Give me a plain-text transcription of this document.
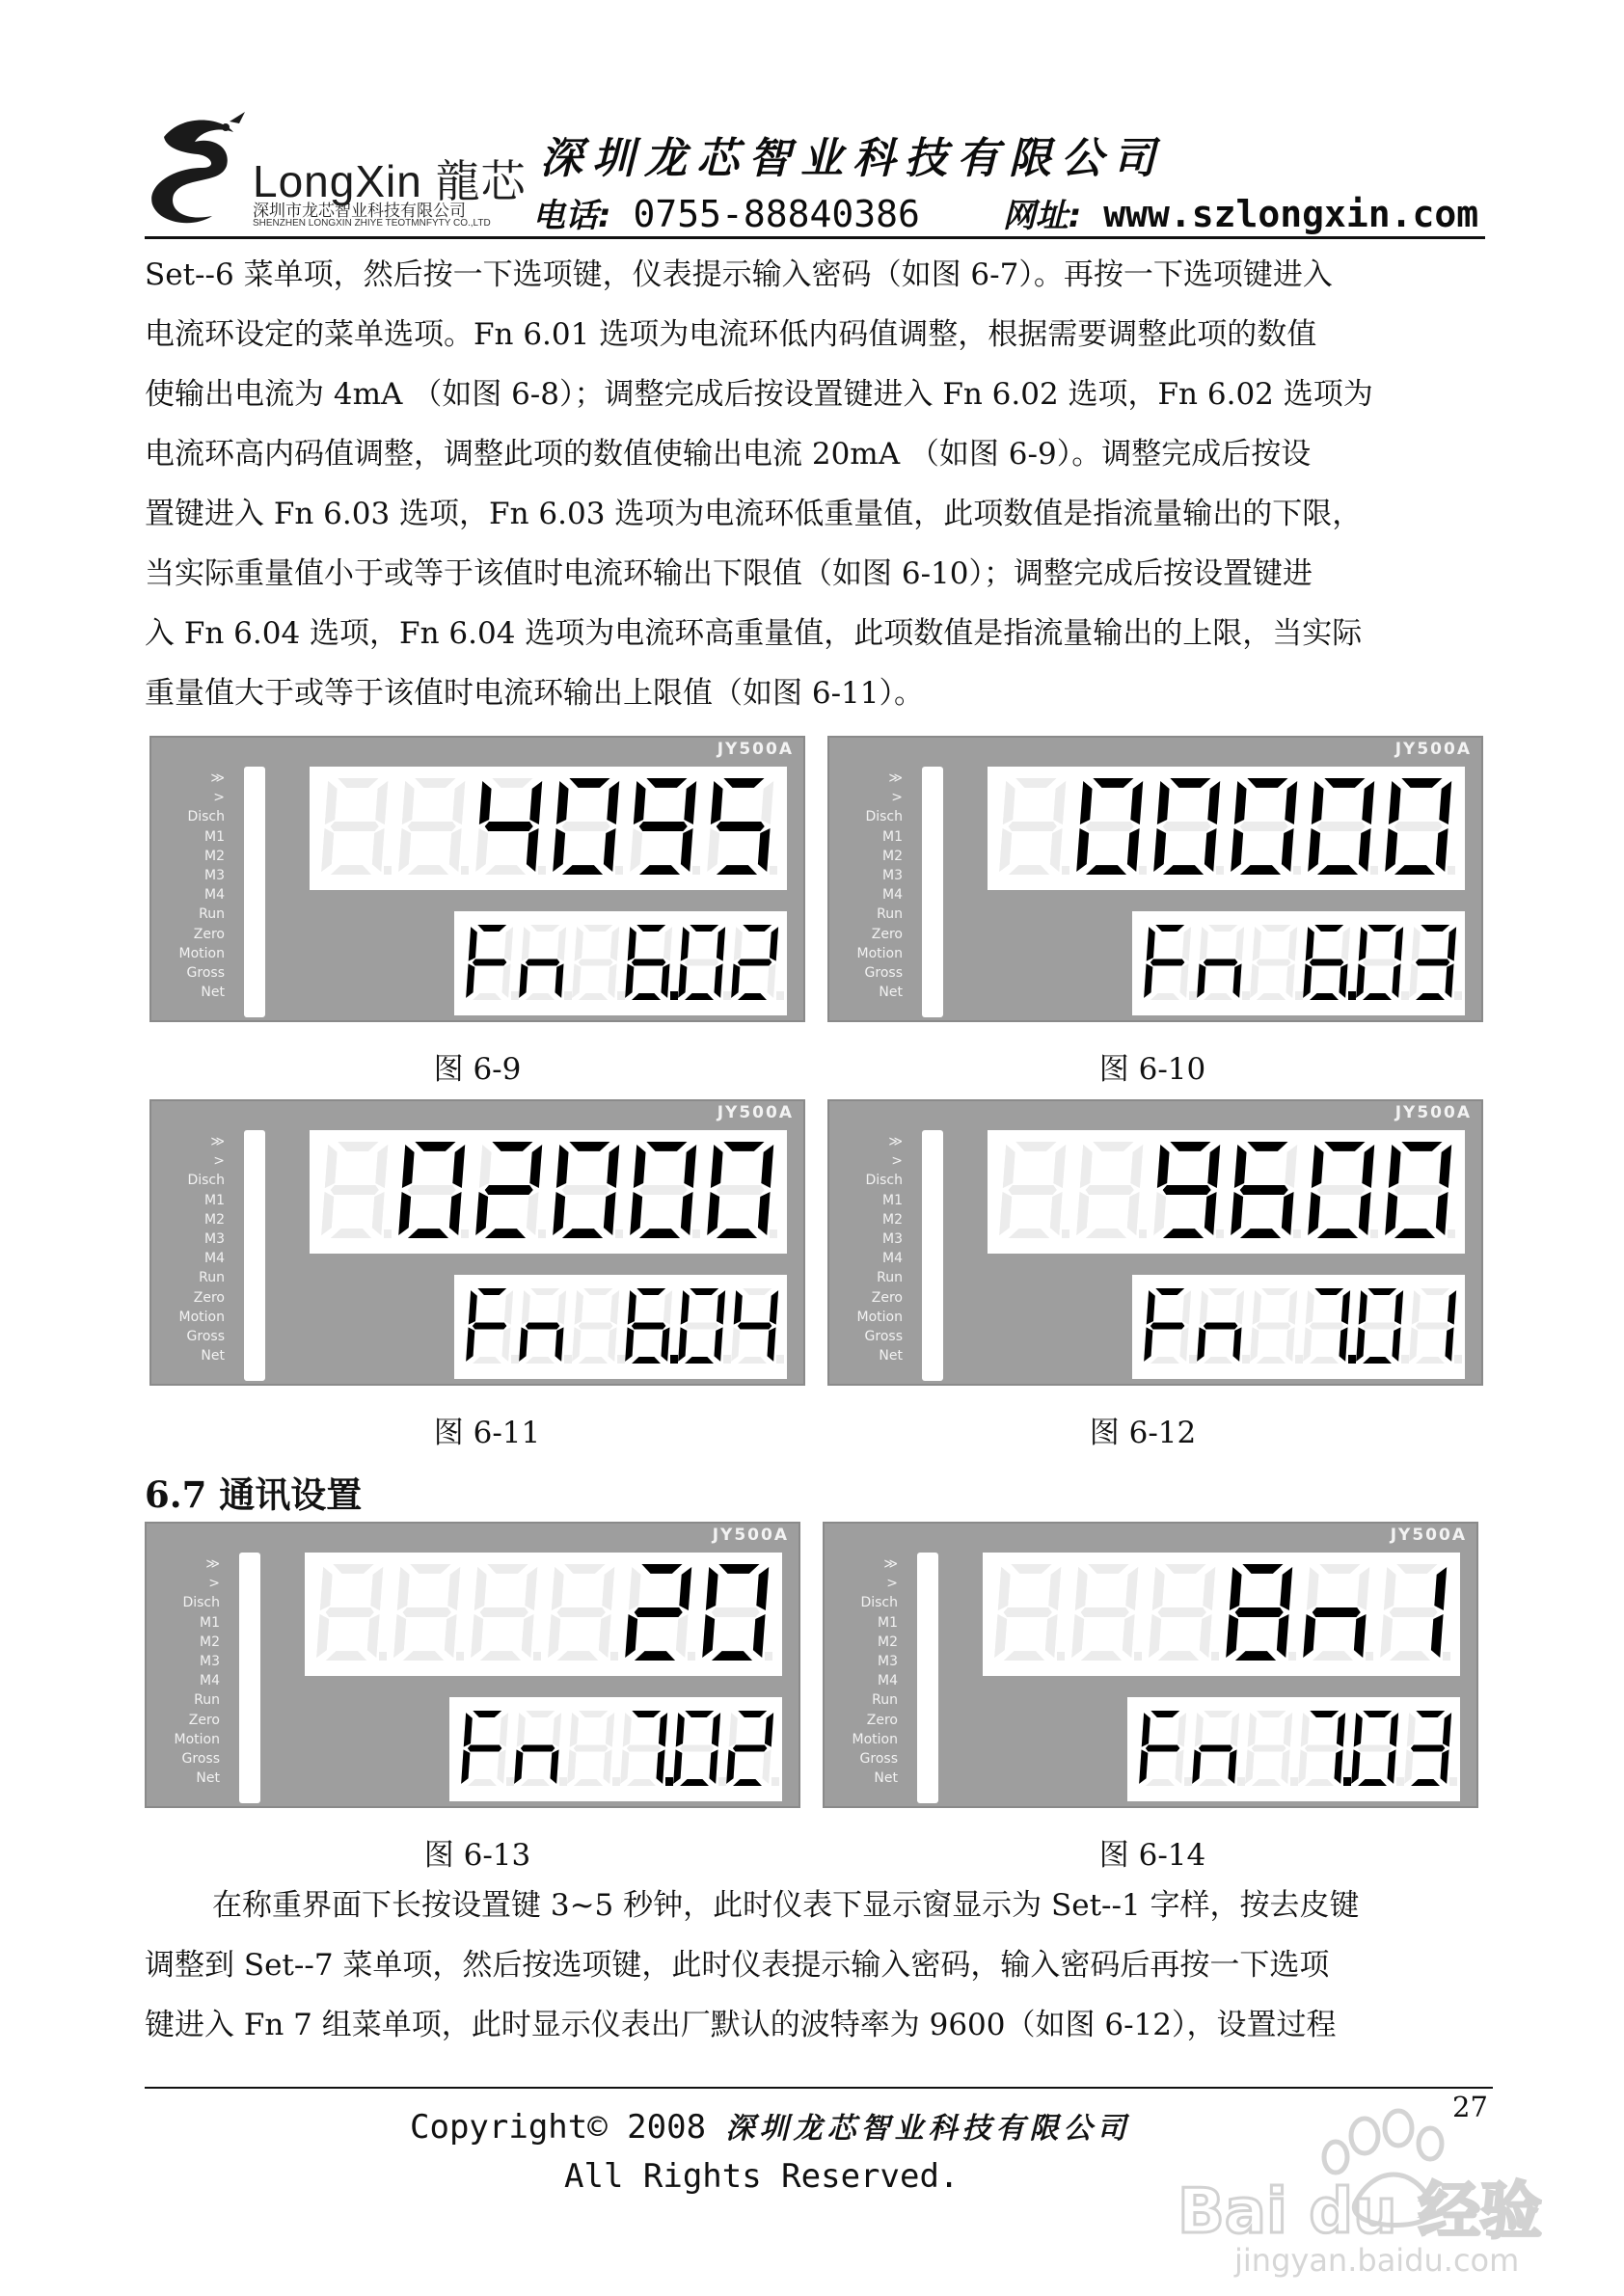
LongXin 龍芯
深圳市龙芯智业科技有限公司
SHENZHEN LONGXIN ZHIYE TEOTMNFYTY CO.,LTD
深圳龙芯智业科技有限公司
电话: 0755-88840386	网址: www.szlongxin.com

Set--6 菜单项，然后按一下选项键，仪表提示输入密码（如图 6-7）。再按一下选项键进入

电流环设定的菜单选项。Fn 6.01 选项为电流环低内码值调整，根据需要调整此项的数值

使输出电流为 4mA （如图 6-8）；调整完成后按设置键进入 Fn 6.02 选项，Fn 6.02 选项为

电流环高内码值调整，调整此项的数值使输出电流 20mA （如图 6-9）。调整完成后按设

置键进入 Fn 6.03 选项，Fn 6.03 选项为电流环低重量值，此项数值是指流量输出的下限，

当实际重量值小于或等于该值时电流环输出下限值（如图 6-10）；调整完成后按设置键进

入 Fn 6.04 选项，Fn 6.04 选项为电流环高重量值，此项数值是指流量输出的上限，当实际

重量值大于或等于该值时电流环输出上限值（如图 6-11）。

JY500A
≫
>
Disch
M1
M2
M3
M4
Run
Zero
Motion
Gross
Net
JY500A
≫
>
Disch
M1
M2
M3
M4
Run
Zero
Motion
Gross
Net
JY500A
≫
>
Disch
M1
M2
M3
M4
Run
Zero
Motion
Gross
Net
JY500A
≫
>
Disch
M1
M2
M3
M4
Run
Zero
Motion
Gross
Net
JY500A
≫
>
Disch
M1
M2
M3
M4
Run
Zero
Motion
Gross
Net
JY500A
≫
>
Disch
M1
M2
M3
M4
Run
Zero
Motion
Gross
Net
图 6-9	图 6-10
图 6-11	图 6-12
6.7 通讯设置
图 6-13	图 6-14

在称重界面下长按设置键 3~5 秒钟，此时仪表下显示窗显示为 Set--1 字样，按去皮键

调整到 Set--7 菜单项，然后按选项键，此时仪表提示输入密码，输入密码后再按一下选项

键进入 Fn 7 组菜单项，此时显示仪表出厂默认的波特率为 9600（如图 6-12），设置过程

27
Copyright© 2008 深圳龙芯智业科技有限公司
All Rights Reserved.	Bai du 经验
jingyan.baidu.com
